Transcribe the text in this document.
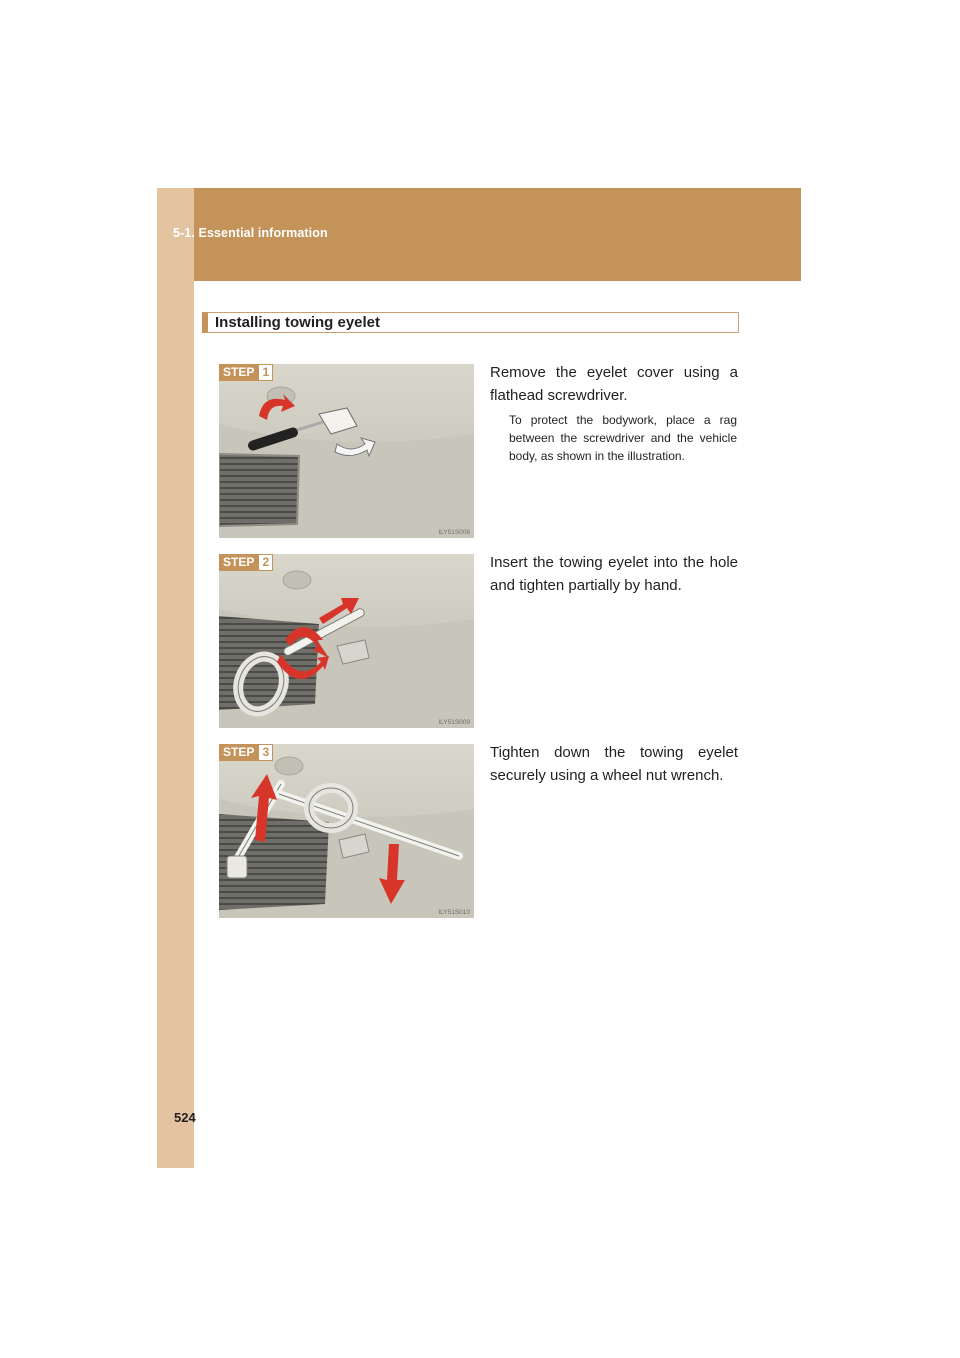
5-1. Essential information
Installing towing eyelet
STEP 1
ILY51S008
Remove the eyelet cover using a flathead screwdriver.
To protect the bodywork, place a rag between the screwdriver and the vehicle body, as shown in the illustration.
STEP 2
ILY51S009
Insert the towing eyelet into the hole and tighten partially by hand.
STEP 3
ILY51S010
Tighten down the towing eyelet securely using a wheel nut wrench.
524
